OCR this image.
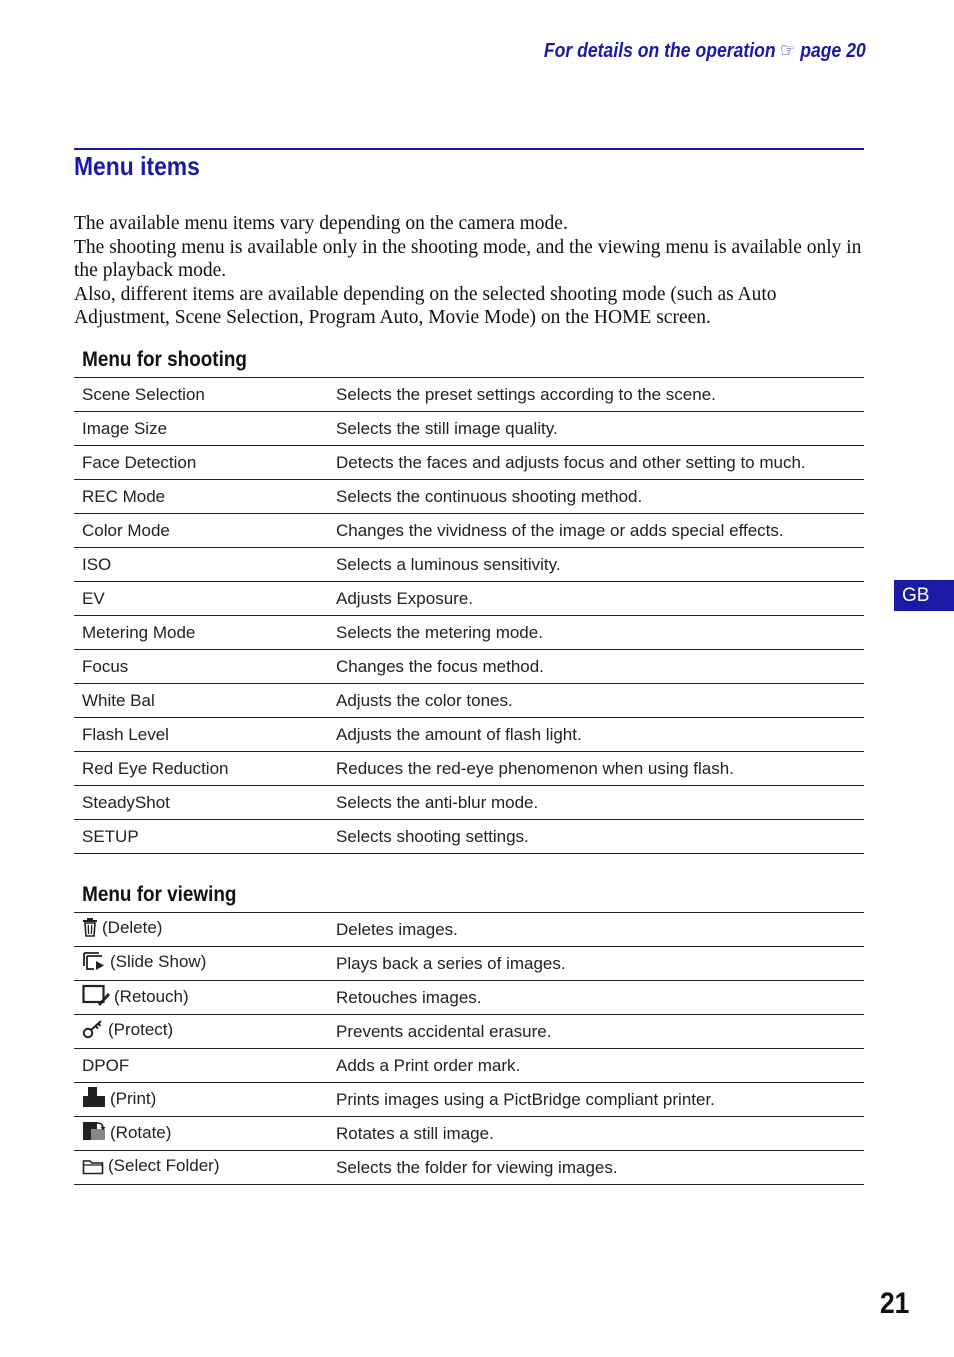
For details on the operation ☞ page 20
Menu items

The available menu items vary depending on the camera mode.

The shooting menu is available only in the shooting mode, and the viewing menu is available only in the playback mode.

Also, different items are available depending on the selected shooting mode (such as Auto Adjustment, Scene Selection, Program Auto, Movie Mode) on the HOME screen.

Menu for shooting
Scene Selection	Selects the preset settings according to the scene.
Image Size	Selects the still image quality.
Face Detection	Detects the faces and adjusts focus and other setting to much.
REC Mode	Selects the continuous shooting method.
Color Mode	Changes the vividness of the image or adds special effects.
ISO	Selects a luminous sensitivity.
EV	Adjusts Exposure.
Metering Mode	Selects the metering mode.
Focus	Changes the focus method.
White Bal	Adjusts the color tones.
Flash Level	Adjusts the amount of flash light.
Red Eye Reduction	Reduces the red-eye phenomenon when using flash.
SteadyShot	Selects the anti-blur mode.
SETUP	Selects shooting settings.
Menu for viewing
(Delete)	Deletes images.
(Slide Show)	Plays back a series of images.
(Retouch)	Retouches images.
(Protect)	Prevents accidental erasure.
DPOF	Adds a Print order mark.
(Print)	Prints images using a PictBridge compliant printer.
(Rotate)	Rotates a still image.
(Select Folder)	Selects the folder for viewing images.
GB
21
